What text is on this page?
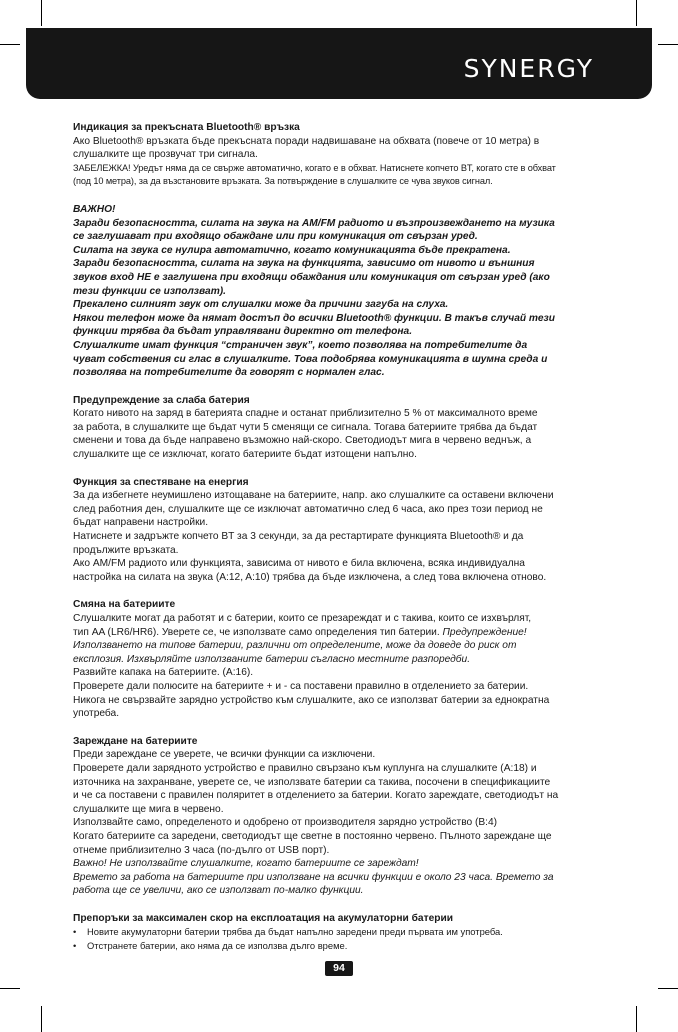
SYNERGY

Индикация за прекъсната Bluetooth® връзка

Ако Bluetooth® връзката бъде прекъсната поради надвишаване на обхвата (повече от 10 метра) в

слушалките ще прозвучат три сигнала.

ЗАБЕЛЕЖКА! Уредът няма да се свърже автоматично, когато е в обхват. Натиснете копчето BT, когато сте в обхват

(под 10 метра), за да възстановите връзката. За потвърждение в слушалките се чува звуков сигнал.

ВАЖНО!

Заради безопасността, силата на звука на AM/FM радиото и възпроизвеждането на музика

се заглушават при входящо обаждане или при комуникация от свързан уред.

Силата на звука се нулира автоматично, когато комуникацията бъде прекратена.

Заради безопасността, силата на звука на функцията, зависимо от нивото и външния

звуков вход НЕ е заглушена при входящи обаждания или комуникация от свързан уред (ако

тези функции се използват).

Прекалено силният звук от слушалки може да причини загуба на слуха.

Някои телефон може да нямат достъп до всички Bluetooth® функции. В такъв случай тези

функции трябва да бъдат управлявани директно от телефона.

Слушалките имат функция “страничен звук”, което позволява на потребителите да

чуват собствения си глас в слушалките. Това подобрява комуникацията в шумна среда и

позволява на потребителите да говорят с нормален глас.

Предупреждение за слаба батерия

Когато нивото на заряд в батерията спадне и останат приблизително 5 % от максималното време

за работа, в слушалките ще бъдат чути 5 сменящи се сигнала. Тогава батериите трябва да бъдат

сменени и това да бъде направено възможно най-скоро. Светодиодът мига в червено веднъж, а

слушалките ще се изключат, когато батериите бъдат изтощени напълно.

Функция за спестяване на енергия

За да избегнете неумишлено изтощаване на батериите, напр. ако слушалките са оставени включени

след работния ден, слушалките ще се изключат автоматично след 6 часа, ако през този период не

бъдат направени настройки.

Натиснете и задръжте копчето BT за 3 секунди, за да рестартирате функцията Bluetooth® и да

продължите връзката.

Ако AM/FM радиото или функцията, зависима от нивото е била включена, всяка индивидуална

настройка на силата на звука (A:12, A:10) трябва да бъде изключена, а след това включена отново.

Смяна на батериите

Слушалките могат да работят и с батерии, които се презареждат и с такива, които се изхвърлят,

тип AA (LR6/HR6). Уверете се, че използвате само определения тип батерии. Предупреждение!

Използването на типове батерии, различни от определените, може да доведе до риск от

експлозия. Изхвърляйте използваните батерии съгласно местните разпоредби.

Развийте капака на батериите. (A:16).

Проверете дали полюсите на батериите + и - са поставени правилно в отделението за батерии.

Никога не свързвайте зарядно устройство към слушалките, ако се използват батерии за еднократна

употреба.

Зареждане на батериите

Преди зареждане се уверете, че всички функции са изключени.

Проверете дали зарядното устройство е правилно свързано към куплунга на слушалките (A:18) и

източника на захранване, уверете се, че използвате батерии са такива, посочени в спецификациите

и че са поставени с правилен поляритет в отделението за батерии. Когато зареждате, светодиодът на

слушалките ще мига в червено.

Използвайте само, определеното и одобрено от производителя зарядно устройство (B:4)

Когато батериите са заредени, светодиодът ще светне в постоянно червено. Пълното зареждане ще

отнеме приблизително 3 часа (по-дълго от USB порт).

Важно! Не използвайте слушалките, когато батериите се зареждат!

Времето за работа на батериите при използване на всички функции е около 23 часа. Времето за

работа ще се увеличи, ако се използват по-малко функции.

Препоръки за максимален скор на експлоатация на акумулаторни батерии

• Новите акумулаторни батерии трябва да бъдат напълно заредени преди първата им употреба.
• Отстранете батерии, ако няма да се използва дълго време.
94
